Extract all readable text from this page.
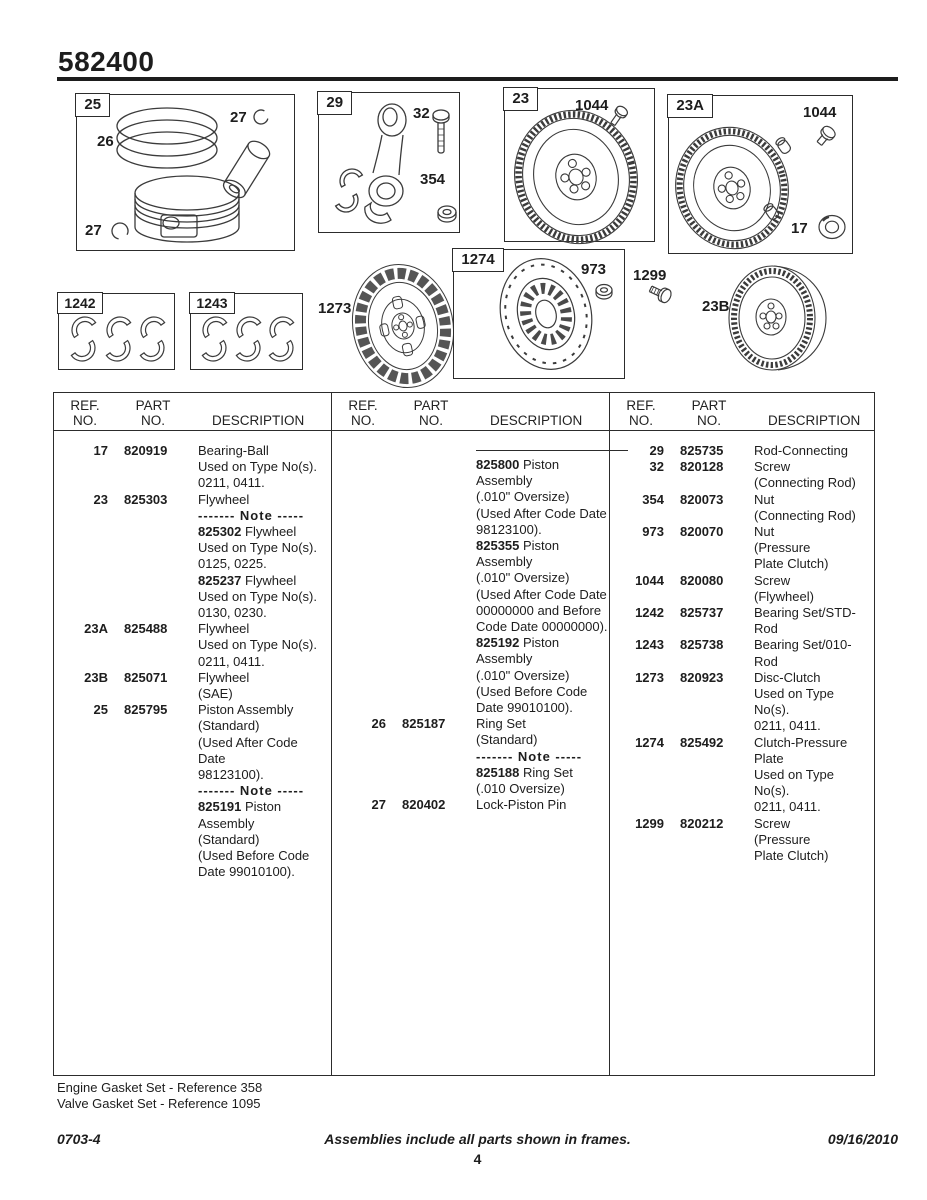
582400
25	29	23	23A
1242	1243
1274
26
27
27
32
354
1044	1044
17
1273
973 1299
23B
REF.
NO.
PART
NO.	DESCRIPTION
17 820919	Bearing-Ball
Used on Type No(s).
0211, 0411.
23 825303	Flywheel
------- Note -----
825302 Flywheel
Used on Type No(s).
0125, 0225.
825237 Flywheel
Used on Type No(s).
0130, 0230.
23A 825488	Flywheel
Used on Type No(s).
0211, 0411.
23B 825071	Flywheel
(SAE)
25 825795	Piston Assembly
(Standard)
(Used After Code Date
98123100).
------- Note -----
825191 Piston
Assembly
(Standard)
(Used Before Code
Date 99010100).
REF.
NO.
PART
NO.	DESCRIPTION
825800 Piston
Assembly
(.010" Oversize)
(Used After Code Date
98123100).
825355 Piston
Assembly
(.010" Oversize)
(Used After Code Date
00000000 and Before
Code Date 00000000).
825192 Piston
Assembly
(.010" Oversize)
(Used Before Code
Date 99010100).
26 825187	Ring Set
(Standard)
------- Note -----
825188 Ring Set
(.010 Oversize)
27 820402	Lock-Piston Pin
REF.
NO.
PART
NO.	DESCRIPTION
29 825735	Rod-Connecting
32 820128	Screw
(Connecting Rod)
354 820073	Nut
(Connecting Rod)
973 820070	Nut
(Pressure
Plate Clutch)
1044 820080	Screw
(Flywheel)
1242 825737	Bearing Set/STD-Rod
1243 825738	Bearing Set/010-Rod
1273 820923	Disc-Clutch
Used on Type No(s).
0211, 0411.
1274 825492	Clutch-Pressure Plate
Used on Type No(s).
0211, 0411.
1299 820212	Screw
(Pressure
Plate Clutch)
Engine Gasket Set - Reference 358
Valve Gasket Set - Reference 1095
0703-4	Assemblies include all parts shown in frames.	09/16/2010
4
